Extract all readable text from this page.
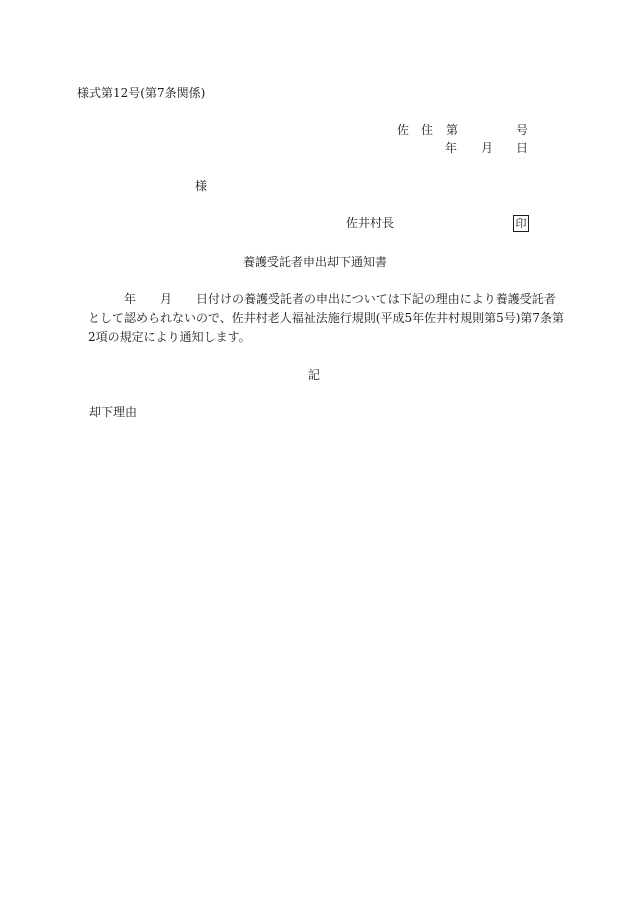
様式第12号(第7条関係)
佐 住 第	号
年 月 日
様
佐井村長	印
養護受託者申出却下通知書
年 月 日付けの養護受託者の申出については下記の理由により養護受託者
として認められないので、佐井村老人福祉法施行規則(平成5年佐井村規則第5号)第7条第
2項の規定により通知します。
記
却下理由
